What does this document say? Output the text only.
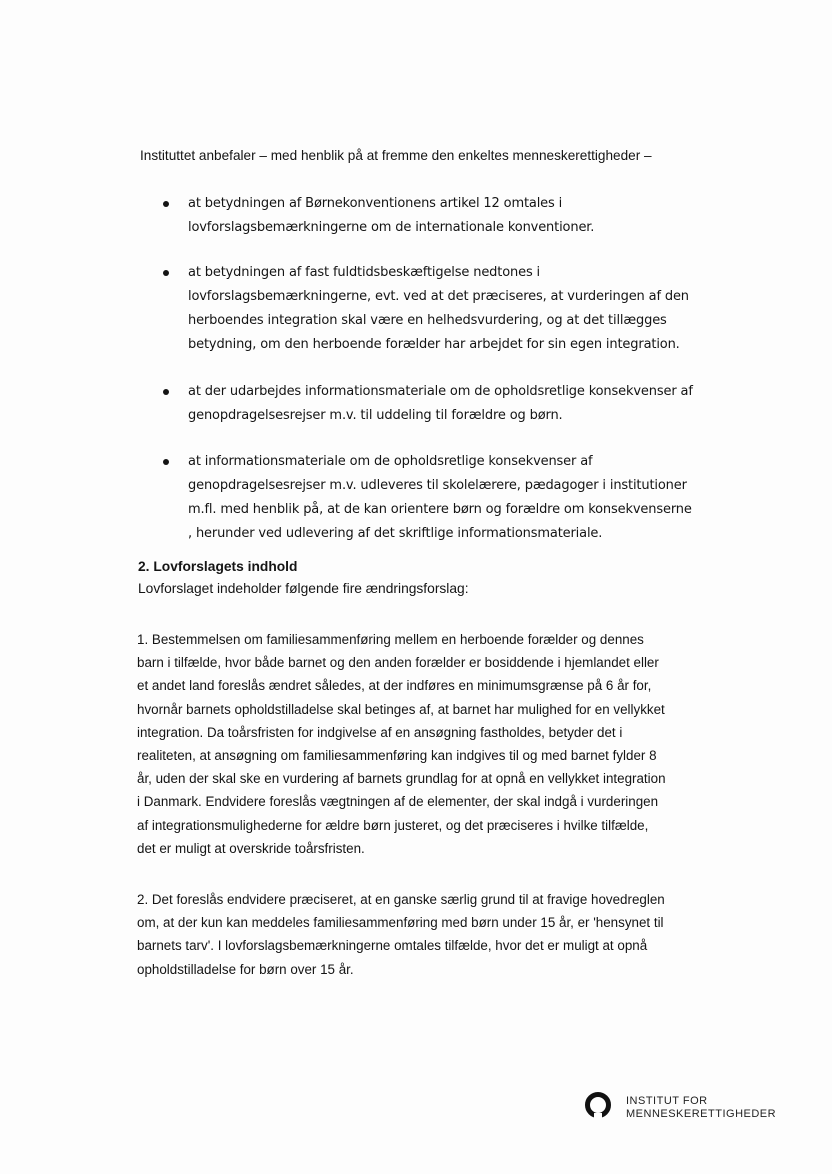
Instituttet anbefaler – med henblik på at fremme den enkeltes menneskerettigheder –
at betydningen af Børnekonventionens artikel 12 omtales i
lovforslagsbemærkningerne om de internationale konventioner.
at betydningen af fast fuldtidsbeskæftigelse nedtones i
lovforslagsbemærkningerne, evt. ved at det præciseres, at vurderingen af den
herboendes integration skal være en helhedsvurdering, og at det tillægges
betydning, om den herboende forælder har arbejdet for sin egen integration.
at der udarbejdes informationsmateriale om de opholdsretlige konsekvenser af
genopdragelsesrejser m.v. til uddeling til forældre og børn.
at informationsmateriale om de opholdsretlige konsekvenser af
genopdragelsesrejser m.v. udleveres til skolelærere, pædagoger i institutioner
m.fl. med henblik på, at de kan orientere børn og forældre om konsekvenserne
, herunder ved udlevering af det skriftlige informationsmateriale.
2. Lovforslagets indhold
Lovforslaget indeholder følgende fire ændringsforslag:
1. Bestemmelsen om familiesammenføring mellem en herboende forælder og dennes
barn i tilfælde, hvor både barnet og den anden forælder er bosiddende i hjemlandet eller
et andet land foreslås ændret således, at der indføres en minimumsgrænse på 6 år for,
hvornår barnets opholdstilladelse skal betinges af, at barnet har mulighed for en vellykket
integration. Da toårsfristen for indgivelse af en ansøgning fastholdes, betyder det i
realiteten, at ansøgning om familiesammenføring kan indgives til og med barnet fylder 8
år, uden der skal ske en vurdering af barnets grundlag for at opnå en vellykket integration
i Danmark. Endvidere foreslås vægtningen af de elementer, der skal indgå i vurderingen
af integrationsmulighederne for ældre børn justeret, og det præciseres i hvilke tilfælde,
det er muligt at overskride toårsfristen.
2. Det foreslås endvidere præciseret, at en ganske særlig grund til at fravige hovedreglen
om, at der kun kan meddeles familiesammenføring med børn under 15 år, er 'hensynet til
barnets tarv'. I lovforslagsbemærkningerne omtales tilfælde, hvor det er muligt at opnå
opholdstilladelse for børn over 15 år.
INSTITUT FOR
MENNESKERETTIGHEDER
